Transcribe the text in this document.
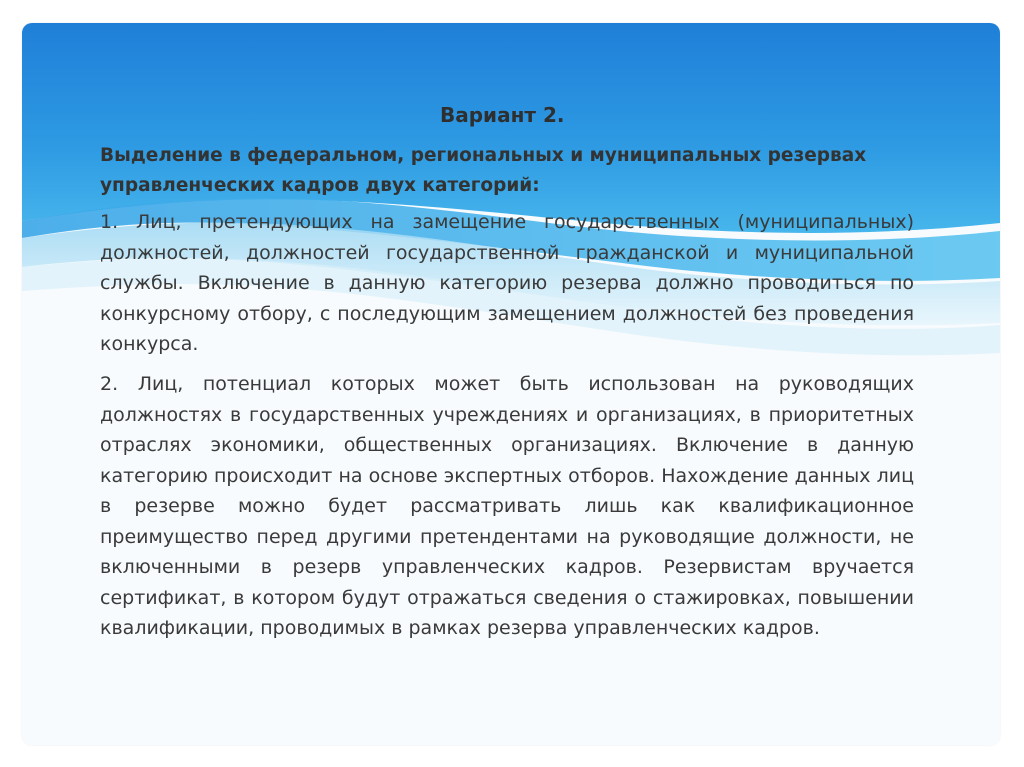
Вариант 2.
Выделение в федеральном, региональных и муниципальных резервах управленческих кадров двух категорий:
1. Лиц, претендующих на замещение государственных (муниципальных) должностей, должностей государственной гражданской и муниципальной службы. Включение в данную категорию резерва должно проводиться по конкурсному отбору, с последующим замещением должностей без проведения конкурса.
2. Лиц, потенциал которых может быть использован на руководящих должностях в государственных учреждениях и организациях, в приоритетных отраслях экономики, общественных организациях. Включение в данную категорию происходит на основе экспертных отборов. Нахождение данных лиц в резерве можно будет рассматривать лишь как квалификационное преимущество перед другими претендентами на руководящие должности, не включенными в резерв управленческих кадров. Резервистам вручается сертификат, в котором будут отражаться сведения о стажировках, повышении квалификации, проводимых в рамках резерва управленческих кадров.
